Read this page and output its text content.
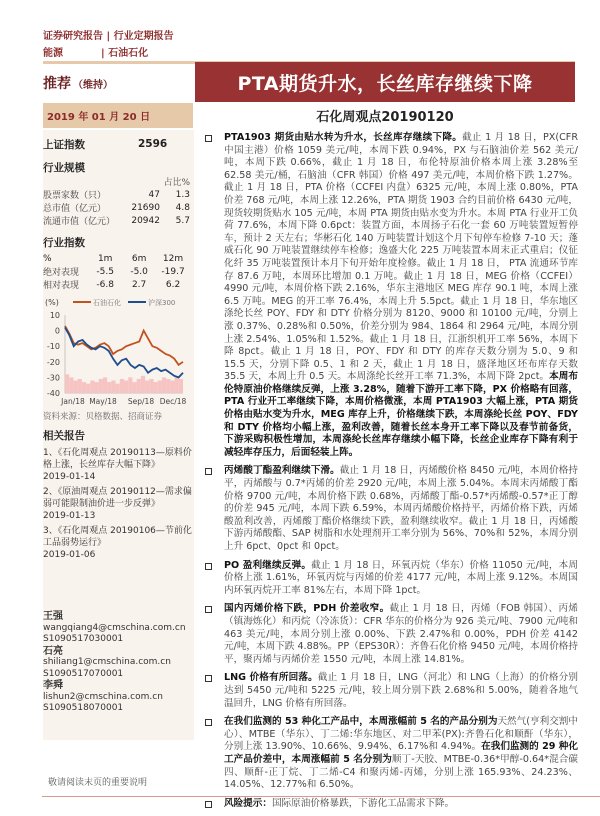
证券研究报告 | 行业定期报告
能源	| 石油石化
推荐 （维持）	PTA期货升水，长丝库存继续下降
2019 年 01 月 20 日	石化周观点20190120
上证指数	2596
行业规模
占比%
股票家数（只）	47	1.3
总市值（亿元）	21690	4.8
流通市值（亿元）	20942	5.7
行业指数
%	1m	6m	12m
绝对表现	-5.5	-5.0	-19.7
相对表现	-6.8	2.7	6.2
(%)	石油石化	沪深300
10
0
-10
-20
-30
-40
Jan/18 May/18 Sep/18 Dec/18
资料来源：贝格数据、招商证券
相关报告
1、《石化周观点 20190113—原料价格上涨，长丝库存大幅下降》
2019-01-14
2、《原油周观点 20190112—需求偏弱可能限制油价进一步反弹》
2019-01-13
3、《石化周观点 20190106—节前化工品弱势运行》
2019-01-06
王强
wangqiang4@cmschina.com.cn
S1090517030001
石亮
shiliang1@cmschina.com.cn
S1090517070001
李舜
lishun2@cmschina.com.cn
S1090518070001
PTA1903 期货由贴水转为升水，长丝库存继续下降。截止 1 月 18 日，PX(CFR 中国主港）价格 1059 美元/吨，本周下跌 0.94%，PX 与石脑油价差 562 美元/吨，本周下跌 0.66%，截止 1 月 18 日，布伦特原油价格本周上涨 3.28%至 62.58 美元/桶，石脑油（CFR 韩国）价格 497 美元/吨，本周价格下跌 1.27%。截止 1 月 18 日，PTA 价格（CCFEI 内盘）6325 元/吨，本周上涨 0.80%，PTA 价差 768 元/吨，本周上涨 12.26%，PTA 期货 1903 合约目前价格 6430 元/吨，现货较期货贴水 105 元/吨，本周 PTA 期货由贴水变为升水。本周 PTA 行业开工负荷 77.6%，本周下降 0.6pct：装置方面，本周扬子石化一套 60 万吨装置短暂停车，预计 2 天左右；华彬石化 140 万吨装置计划这个月下旬停车检修 7-10 天；蓬威石化 90 万吨装置继续停车检修；逸盛大化 225 万吨装置本周末正式重启；仪征化纤 35 万吨装置预计本月下旬开始年度检修。截止 1 月 18 日， PTA 流通环节库存 87.6 万吨，本周环比增加 0.1 万吨。截止 1 月 18 日，MEG 价格（CCFEI）4990 元/吨，本周价格下跌 2.16%，华东主港地区 MEG 库存 90.1 吨，本周上涨 6.5 万吨。MEG 的开工率 76.4%，本周上升 5.5pct。截止 1 月 18 日，华东地区涤纶长丝 POY、FDY 和 DTY 价格分别为 8120、9000 和 10100 元/吨，分别上涨 0.37%、0.28%和 0.50%，价差分别为 984、1864 和 2964 元/吨，本周分别上涨 2.54%、1.05%和 1.52%。截止 1 月 18 日，江浙织机开工率 56%，本周下降 8pct。截止 1 月 18 日，POY、FDY 和 DTY 的库存天数分别为 5.0、9 和 15.5 天，分别下降 0.5、1 和 2 天，截止 1 月 18 日，盛泽地区坯布库存天数 35.5 天，本周上升 0.5 天。本周涤纶长丝开工率 71.3%，本周下降 2pct。本周布伦特原油价格继续反弹，上涨 3.28%，随着下游开工率下降，PX 价格略有回落，PTA 行业开工率继续下降，本周价格微涨，本周 PTA1903 大幅上涨，PTA 期货价格由贴水变为升水，MEG 库存上升，价格继续下跌，本周涤纶长丝 POY、FDY 和 DTY 价格均小幅上涨，盈利改善，随着长丝本身开工率下降以及春节前备货，下游采购积极性增加，本周涤纶长丝库存继续小幅下降，长丝企业库存下降有利于减轻库存压力，后面轻装上阵。
丙烯酸丁酯盈利继续下滑。截止 1 月 18 日，丙烯酸价格 8450 元/吨，本周价格持平，丙烯酸与 0.7*丙烯的价差 2920 元/吨，本周上涨 5.04%。本周末丙烯酸丁酯价格 9700 元/吨，本周价格下跌 0.68%，丙烯酸丁酯-0.57*丙烯酸-0.57*正丁醇的价差 945 元/吨，本周下跌 6.59%，本周丙烯酸价格持平，丙烯价格下跌，丙烯酸盈利改善，丙烯酸丁酯价格继续下跌，盈利继续收窄。截止 1 月 18 日，丙烯酸下游丙烯酸酯、SAP 树脂和水处理剂开工率分别为 56%、70%和 52%，本周分别上升 6pct、0pct 和 0pct。
PO 盈利继续反弹。截止 1 月 18 日，环氧丙烷（华东）价格 11050 元/吨，本周价格上涨 1.61%，环氧丙烷与丙烯的价差 4177 元/吨，本周上涨 9.12%。本周国内环氧丙烷开工率 81%左右，本周下降 1pct。
国内丙烯价格下跌，PDH 价差收窄。截止 1 月 18 日，丙烯（FOB 韩国）、丙烯（镇海炼化）和丙烷（冷冻货）：CFR 华东的价格分为 926 美元/吨、7900 元/吨和 463 美元/吨，本周分别上涨 0.00%、下跌 2.47%和 0.00%，PDH 价差 4142 元/吨，本周下跌 4.88%。PP（EPS30R）：齐鲁石化价格 9450 元/吨，本周价格持平，聚丙烯与丙烯价差 1550 元/吨，本周上涨 14.81%。
LNG 价格有所回落。截止 1 月 18 日，LNG（河北）和 LNG（上海）的价格分别达到 5450 元/吨和 5225 元/吨，较上周分别下跌 2.68%和 5.00%，随着各地气温回升，LNG 价格有所回落。
在我们监测的 53 种化工产品中，本周涨幅前 5 名的产品分别为天然气(亨利交割中心）、MTBE（华东）、丁二烯:华东地区、对二甲苯(PX):齐鲁石化和顺酐（华东），分别上涨 13.90%、10.66%、9.94%、6.17%和 4.94%。在我们监测的 29 种化工产品价差中，本周涨幅前 5 名分别为顺丁-天胶、MTBE-0.36*甲醇-0.64*混合碳四、顺酐-正丁烷、丁二烯-C4 和聚丙烯-丙烯，分别上涨 165.93%、24.23%、14.05%、12.77%和 6.50%。
风险提示：国际原油价格暴跌，下游化工品需求下降。
敬请阅读末页的重要说明
